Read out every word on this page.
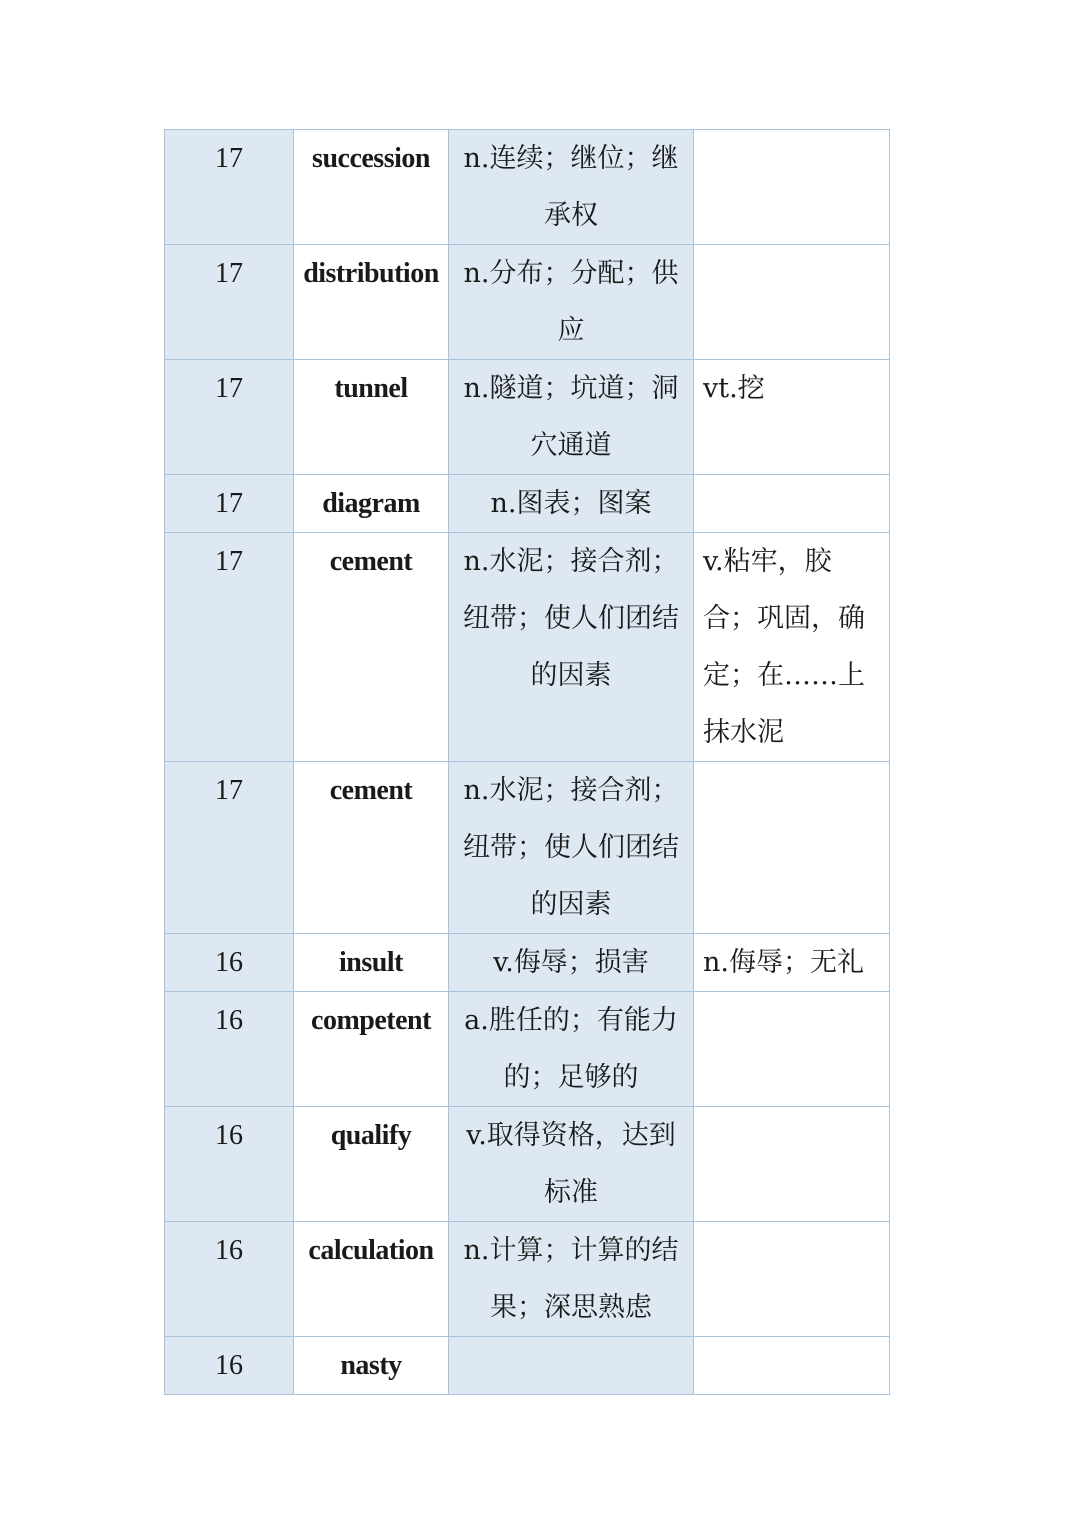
17	succession	n.连续；继位；继承权	

17	distribution	n.分布；分配；供应	

17	tunnel	n.隧道；坑道；洞穴通道	vt.挖

17	diagram	n.图表；图案	

17	cement	n.水泥；接合剂；纽带；使人们团结的因素	v.粘牢，胶合；巩固，确定；在……上抹水泥

17	cement	n.水泥；接合剂；纽带；使人们团结的因素	

16	insult	v.侮辱；损害	n.侮辱；无礼

16	competent	a.胜任的；有能力的；足够的	

16	qualify	v.取得资格，达到标准	

16	calculation	n.计算；计算的结果；深思熟虑	

16	nasty		
